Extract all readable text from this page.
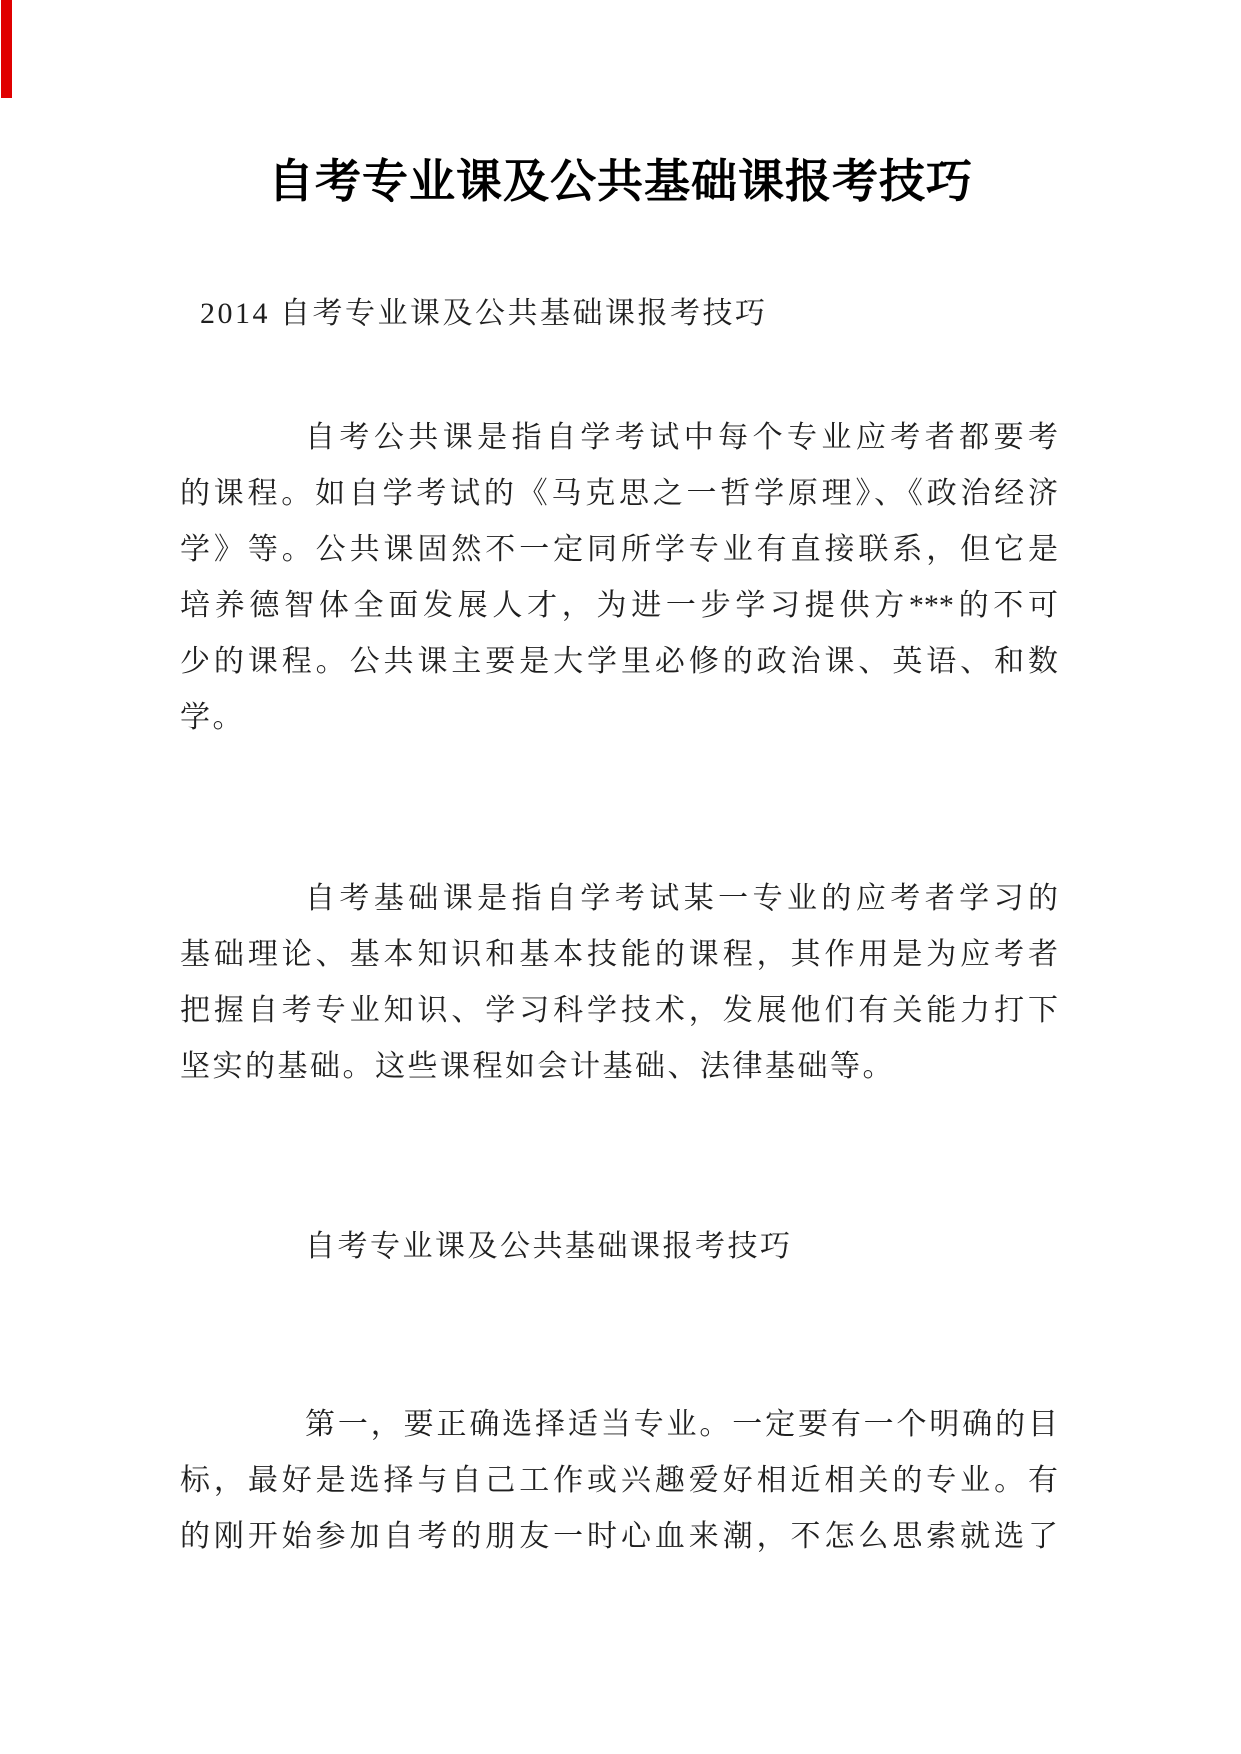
自考专业课及公共基础课报考技巧
2014 自考专业课及公共基础课报考技巧
自考公共课是指自学考试中每个专业应考者都要考
的课程。如自学考试的《马克思之一哲学原理》、《政治经济
学》等。公共课固然不一定同所学专业有直接联系，但它是
培养德智体全面发展人才，为进一步学习提供方***的不可
少的课程。公共课主要是大学里必修的政治课、英语、和数
学。
自考基础课是指自学考试某一专业的应考者学习的
基础理论、基本知识和基本技能的课程，其作用是为应考者
把握自考专业知识、学习科学技术，发展他们有关能力打下
坚实的基础。这些课程如会计基础、法律基础等。
自考专业课及公共基础课报考技巧
第一，要正确选择适当专业。一定要有一个明确的目
标，最好是选择与自己工作或兴趣爱好相近相关的专业。有
的刚开始参加自考的朋友一时心血来潮，不怎么思索就选了
